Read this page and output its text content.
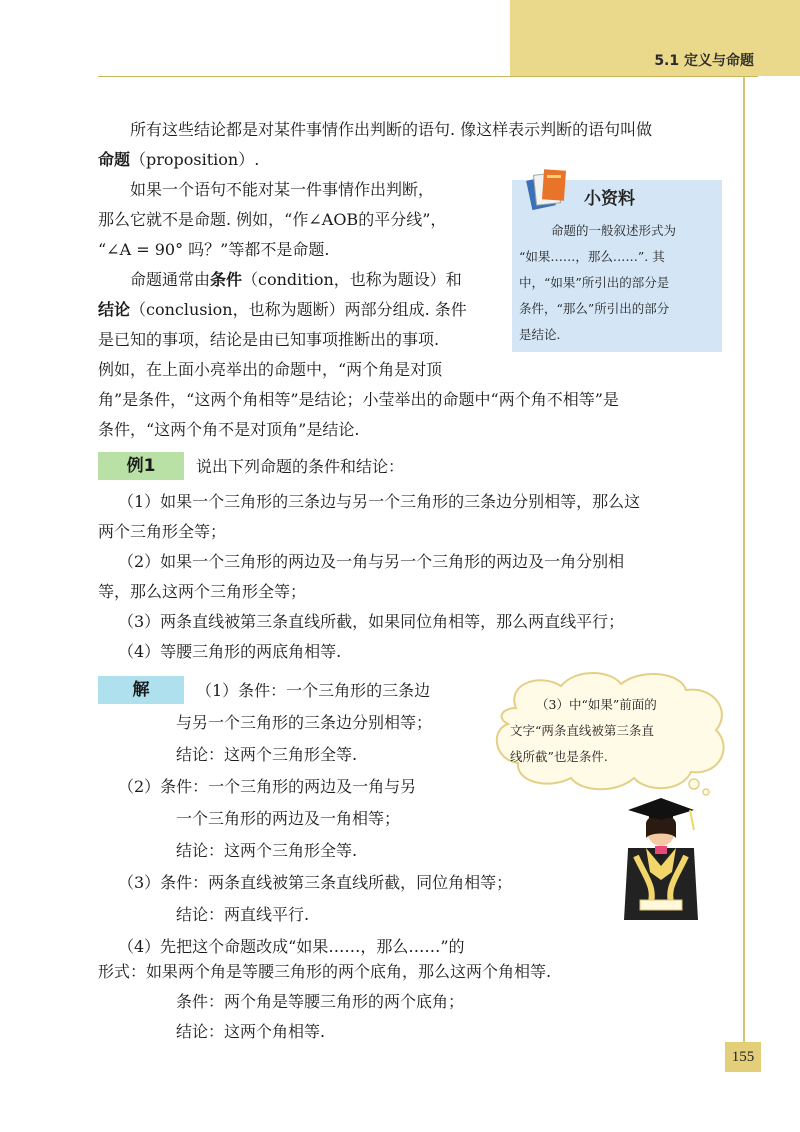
5.1 定义与命题
所有这些结论都是对某件事情作出判断的语句. 像这样表示判断的语句叫做
命题（proposition）.
如果一个语句不能对某一件事情作出判断，
那么它就不是命题. 例如，“作∠AOB的平分线”，
“∠A = 90° 吗？”等都不是命题.
命题通常由条件（condition，也称为题设）和
结论（conclusion，也称为题断）两部分组成. 条件
是已知的事项，结论是由已知事项推断出的事项.
例如，在上面小亮举出的命题中，“两个角是对顶
角”是条件，“这两个角相等”是结论；小莹举出的命题中“两个角不相等”是
条件，“这两个角不是对顶角”是结论.
小资料
命题的一般叙述形式为
“如果……，那么……”. 其
中，“如果”所引出的部分是
条件，“那么”所引出的部分
是结论.
例1	说出下列命题的条件和结论：
（1）如果一个三角形的三条边与另一个三角形的三条边分别相等，那么这
两个三角形全等；
（2）如果一个三角形的两边及一角与另一个三角形的两边及一角分别相
等，那么这两个三角形全等；
（3）两条直线被第三条直线所截，如果同位角相等，那么两直线平行；
（4）等腰三角形的两底角相等.
解	（1）条件：一个三角形的三条边
与另一个三角形的三条边分别相等；
结论：这两个三角形全等.
（2）条件：一个三角形的两边及一角与另
一个三角形的两边及一角相等；
结论：这两个三角形全等.
（3）条件：两条直线被第三条直线所截，同位角相等；
结论：两直线平行.
（4）先把这个命题改成“如果……，那么……”的
形式：如果两个角是等腰三角形的两个底角，那么这两个角相等.
条件：两个角是等腰三角形的两个底角；
结论：这两个角相等.
（3）中“如果”前面的
文字“两条直线被第三条直
线所截”也是条件.
155
